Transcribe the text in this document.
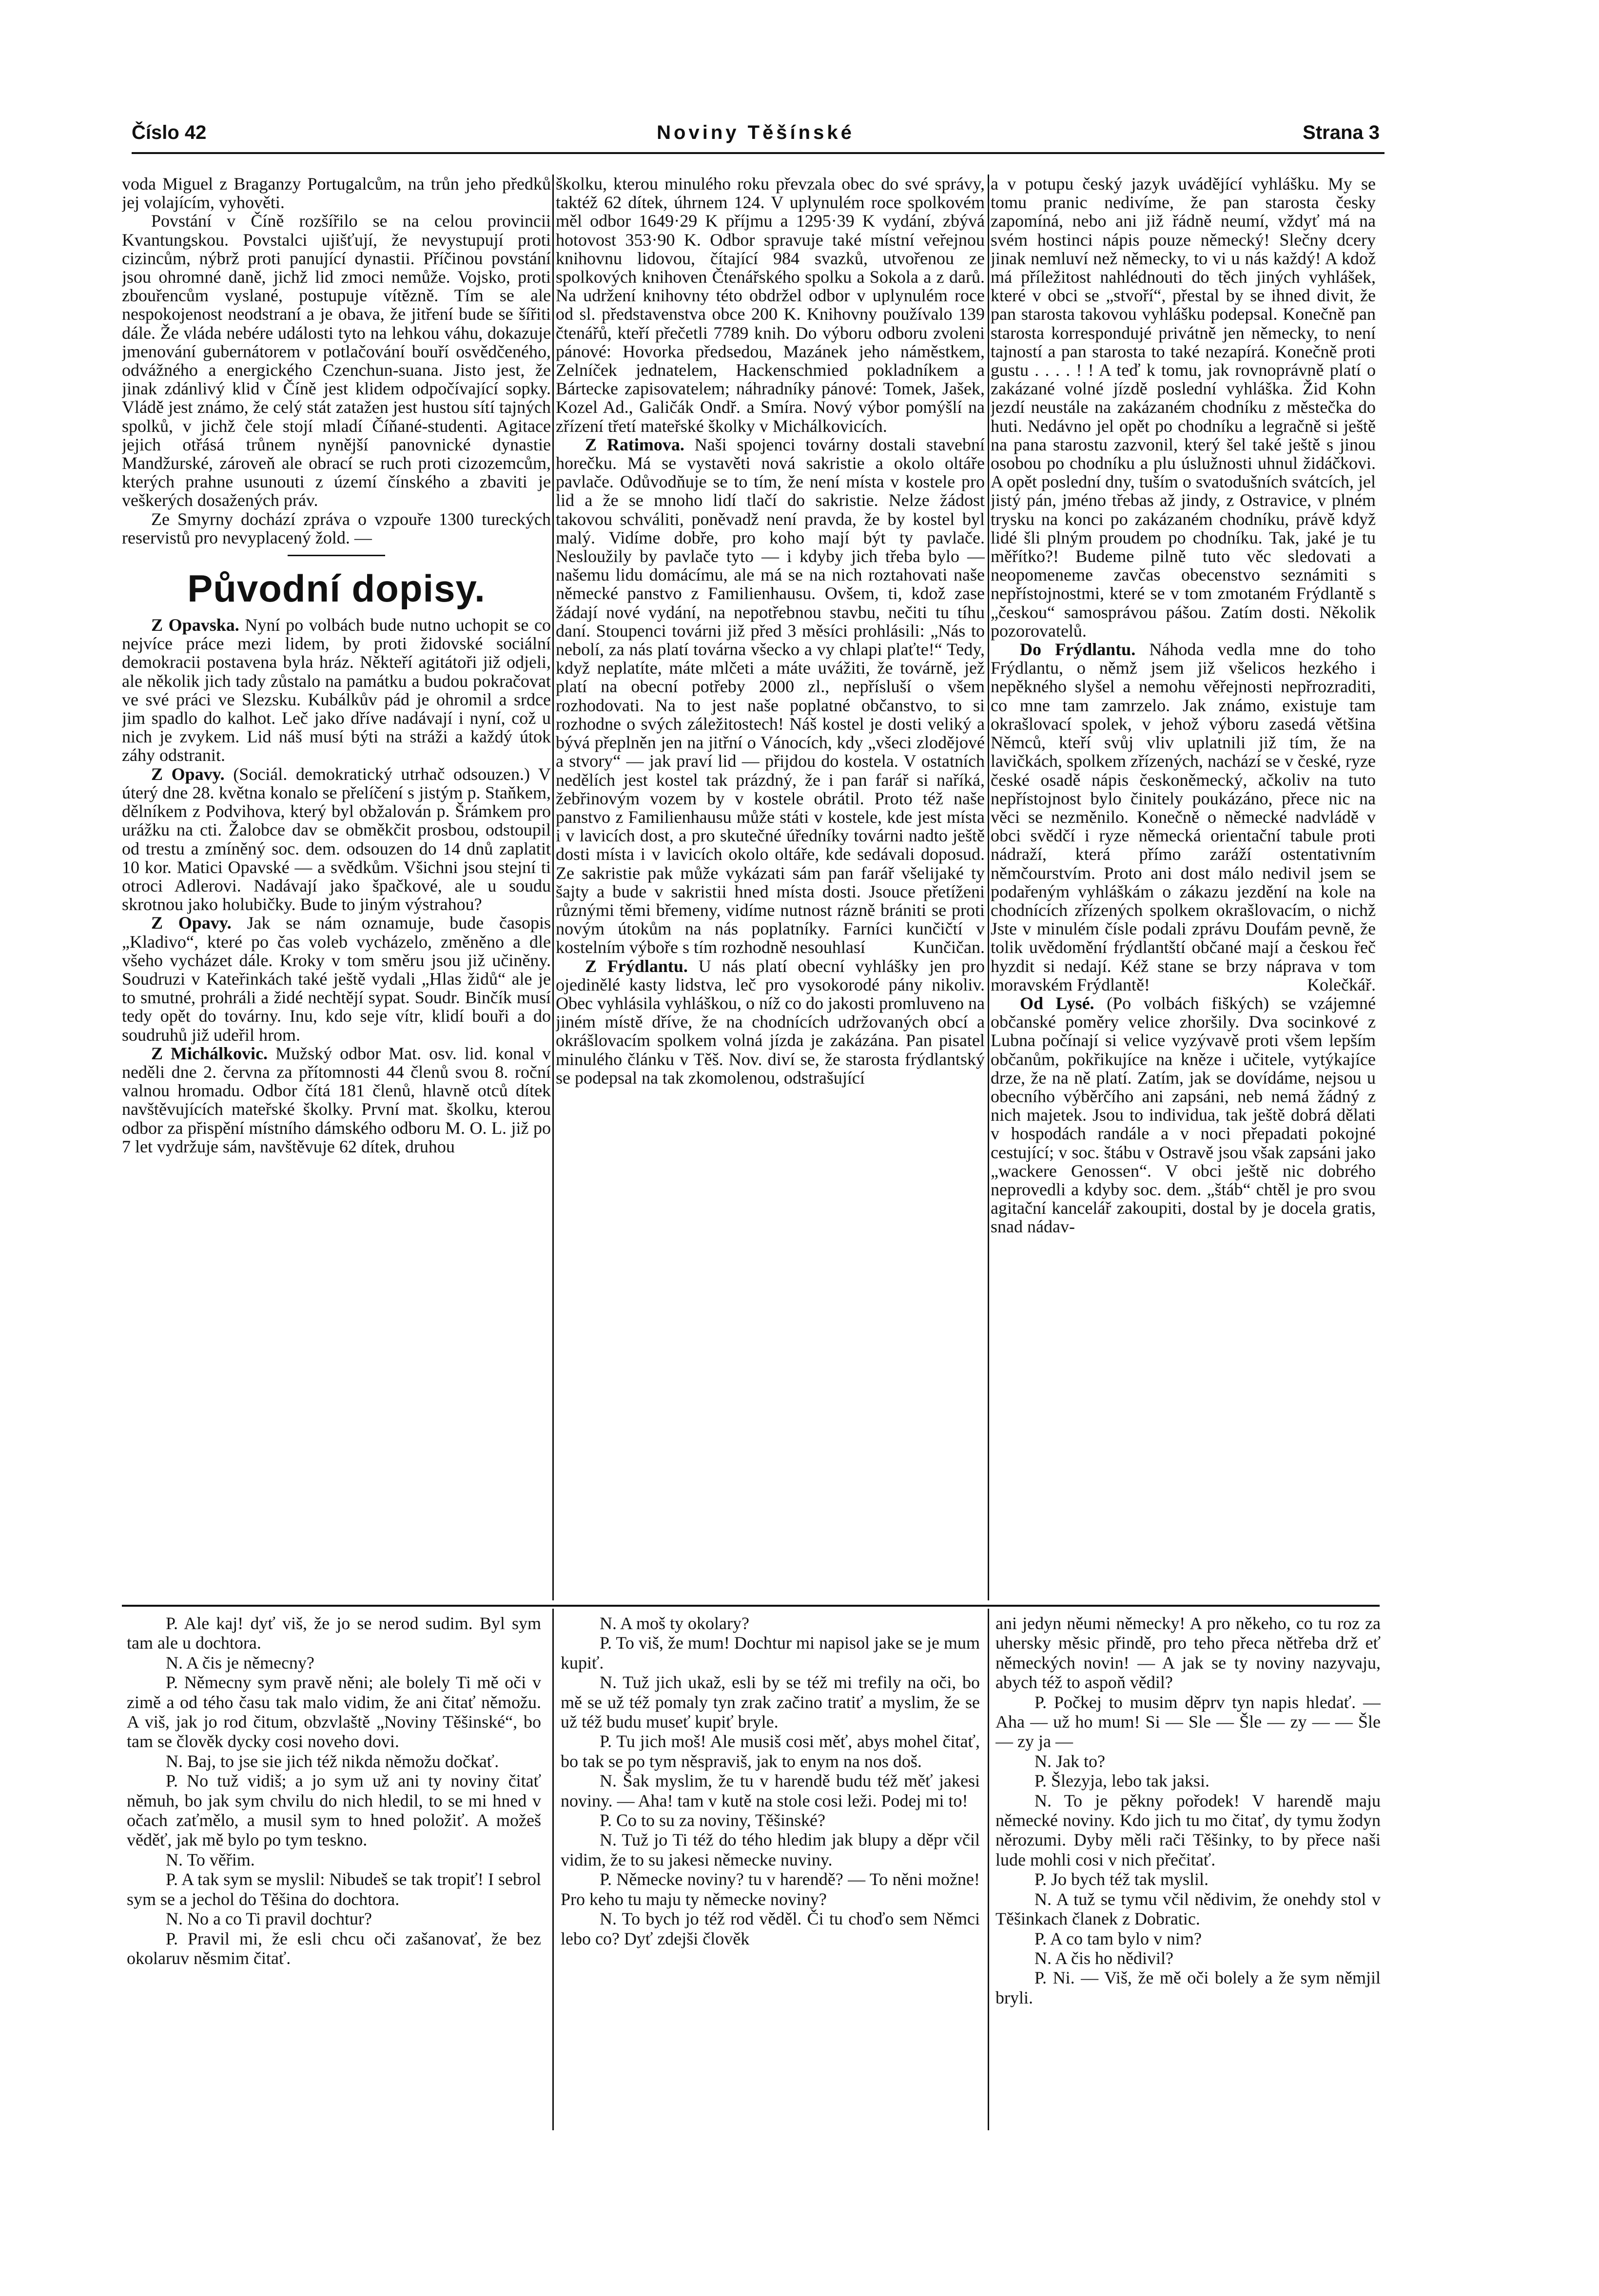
Číslo 42	Noviny Těšínské	Strana 3

voda Miguel z Braganzy Portugalcům, na trůn jeho předků jej volajícím, vyhověti.

Povstání v Číně rozšířilo se na celou provincii Kvantungskou. Povstalci ujišťují, že nevystupují proti cizincům, nýbrž proti panující dynastii. Příčinou povstání jsou ohromné daně, jichž lid zmoci nemůže. Vojsko, proti zbouřencům vyslané, postupuje vítězně. Tím se ale nespokojenost neodstraní a je obava, že jitření bude se šířiti dále. Že vláda nebére události tyto na lehkou váhu, dokazuje jmenování gubernátorem v potlačování bouří osvědčeného, odvážného a energického Czenchun-suana. Jisto jest, že jinak zdánlivý klid v Číně jest klidem odpočívající sopky. Vládě jest známo, že celý stát zatažen jest hustou sítí tajných spolků, v jichž čele stojí mladí Číňané-studenti. Agitace jejich otřásá trůnem nynější panovnické dynastie Mandžurské, zároveň ale obrací se ruch proti cizozemcům, kterých prahne usunouti z území čínského a zbaviti je veškerých dosažených práv.

Ze Smyrny dochází zpráva o vzpouře 1300 tureckých reservistů pro nevyplacený žold. —

Původní dopisy.

Z Opavska. Nyní po volbách bude nutno uchopit se co nejvíce práce mezi lidem, by proti židovské sociální demokracii postavena byla hráz. Někteří agitátoři již odjeli, ale několik jich tady zůstalo na památku a budou pokračovat ve své práci ve Slezsku. Kubálkův pád je ohromil a srdce jim spadlo do kalhot. Leč jako dříve nadávají i nyní, což u nich je zvykem. Lid náš musí býti na stráži a každý útok záhy odstranit.

Z Opavy. (Sociál. demokratický utrhač odsouzen.) V úterý dne 28. května konalo se přelíčení s jistým p. Staňkem, dělníkem z Podvihova, který byl obžalován p. Šrámkem pro urážku na cti. Žalobce dav se obměkčit prosbou, odstoupil od trestu a zmíněný soc. dem. odsouzen do 14 dnů zaplatit 10 kor. Matici Opavské — a svědkům. Všichni jsou stejní ti otroci Adlerovi. Nadávají jako špačkové, ale u soudu skrotnou jako holubičky. Bude to jiným výstrahou?

Z Opavy. Jak se nám oznamuje, bude časopis „Kladivo“, které po čas voleb vycházelo, změněno a dle všeho vycházet dále. Kroky v tom směru jsou již učiněny. Soudruzi v Kateřinkách také ještě vydali „Hlas židů“ ale je to smutné, prohráli a židé nechtějí sypat. Soudr. Binčík musí tedy opět do továrny. Inu, kdo seje vítr, klidí bouři a do soudruhů již udeřil hrom.

Z Michálkovic. Mužský odbor Mat. osv. lid. konal v neděli dne 2. června za přítomnosti 44 členů svou 8. roční valnou hromadu. Odbor čítá 181 členů, hlavně otců dítek navštěvujících mateřské školky. První mat. školku, kterou odbor za přispění místního dámského odboru M. O. L. již po 7 let vydržuje sám, navštěvuje 62 dítek, druhou

školku, kterou minulého roku převzala obec do své správy, taktéž 62 dítek, úhrnem 124. V uplynulém roce spolkovém měl odbor 1649·29 K příjmu a 1295·39 K vydání, zbývá hotovost 353·90 K. Odbor spravuje také místní veřejnou knihovnu lidovou, čítající 984 svazků, utvořenou ze spolkových knihoven Čtenářského spolku a Sokola a z darů. Na udržení knihovny této obdržel odbor v uplynulém roce od sl. představenstva obce 200 K. Knihovny používalo 139 čtenářů, kteří přečetli 7789 knih. Do výboru odboru zvoleni pánové: Hovorka předsedou, Mazánek jeho náměstkem, Zelníček jednatelem, Hackenschmied pokladníkem a Bártecke zapisovatelem; náhradníky pánové: Tomek, Jašek, Kozel Ad., Galičák Ondř. a Smíra. Nový výbor pomýšlí na zřízení třetí mateřské školky v Michálkovicích.

Z Ratimova. Naši spojenci továrny dostali stavební horečku. Má se vystavěti nová sakristie a okolo oltáře pavlače. Odůvodňuje se to tím, že není místa v kostele pro lid a že se mnoho lidí tlačí do sakristie. Nelze žádost takovou schváliti, poněvadž není pravda, že by kostel byl malý. Vidíme dobře, pro koho mají být ty pavlače. Nesloužily by pavlače tyto — i kdyby jich třeba bylo — našemu lidu domácímu, ale má se na nich roztahovati naše německé panstvo z Familienhausu. Ovšem, ti, kdož zase žádají nové vydání, na nepotřebnou stavbu, nečiti tu tíhu daní. Stoupenci továrni již před 3 měsíci prohlásili: „Nás to nebolí, za nás platí továrna všecko a vy chlapi plaťte!“ Tedy, když neplatíte, máte mlčeti a máte uvážiti, že továrně, jež platí na obecní potřeby 2000 zl., nepřísluší o všem rozhodovati. Na to jest naše poplatné občanstvo, to si rozhodne o svých záležitostech! Náš kostel je dosti veliký a bývá přeplněn jen na jitřní o Vánocích, kdy „všeci zlodějové a stvory“ — jak praví lid — přijdou do kostela. V ostatních nedělích jest kostel tak prázdný, že i pan farář si naříká, žebřinovým vozem by v kostele obrátil. Proto též naše panstvo z Familienhausu může státi v kostele, kde jest místa i v lavicích dost, a pro skutečné úředníky továrni nadto ještě dosti místa i v lavicích okolo oltáře, kde sedávali doposud. Ze sakristie pak může vykázati sám pan farář všelijaké ty šajty a bude v sakristii hned místa dosti. Jsouce přetíženi různými těmi břemeny, vidíme nutnost rázně brániti se proti novým útokům na nás poplatníky. Farníci kunčičtí v kostelním výboře s tím rozhodně nesouhlasí	Kunčičan.

Z Frýdlantu. U nás platí obecní vyhlášky jen pro ojedinělé kasty lidstva, leč pro vysokorodé pány nikoliv. Obec vyhlásila vyhláškou, o níž co do jakosti promluveno na jiném místě dříve, že na chodnících udržovaných obcí a okrášlovacím spolkem volná jízda je zakázána. Pan pisatel minulého článku v Těš. Nov. diví se, že starosta frýdlantský se podepsal na tak zkomolenou, odstrašující

a v potupu český jazyk uvádějící vyhlášku. My se tomu pranic nedivíme, že pan starosta česky zapomíná, nebo ani již řádně neumí, vždyť má na svém hostinci nápis pouze německý! Slečny dcery jinak nemluví než německy, to vi u nás každý! A kdož má příležitost nahlédnouti do těch jiných vyhlášek, které v obci se „stvoří“, přestal by se ihned divit, že pan starosta takovou vyhlášku podepsal. Konečně pan starosta korrespondujé privátně jen německy, to není tajností a pan starosta to také nezapírá. Konečně proti gustu . . . . ! ! A teď k tomu, jak rovnoprávně platí o zakázané volné jízdě poslední vyhláška. Žid Kohn jezdí neustále na zakázaném chodníku z městečka do huti. Nedávno jel opět po chodníku a legračně si ještě na pana starostu zazvonil, který šel také ještě s jinou osobou po chodníku a plu úslužnosti uhnul židáčkovi. A opět poslední dny, tuším o svatodušních svátcích, jel jistý pán, jméno třebas až jindy, z Ostravice, v plném trysku na konci po zakázaném chodníku, právě když lidé šli plným proudem po chodníku. Tak, jaké je tu měřítko?! Budeme pilně tuto věc sledovati a neopomeneme zavčas obecenstvo seznámiti s nepřístojnostmi, které se v tom zmotaném Frýdlantě s „českou“ samosprávou pášou. Zatím dosti. Několik pozorovatelů.

Do Frýdlantu. Náhoda vedla mne do toho Frýdlantu, o němž jsem již všelicos hezkého i nepěkného slyšel a nemohu věřejnosti nepřrozraditi, co mne tam zamrzelo. Jak známo, existuje tam okrašlovací spolek, v jehož výboru zasedá většina Němců, kteří svůj vliv uplatnili již tím, že na lavičkách, spolkem zřízených, nachází se v české, ryze české osadě nápis českoněmecký, ačkoliv na tuto nepřístojnost bylo činitely poukázáno, přece nic na věci se nezměnilo. Konečně o německé nadvládě v obci svědčí i ryze německá orientační tabule proti nádraží, která přímo zaráží ostentativním němčourstvím. Proto ani dost málo nedivil jsem se podařeným vyhláškám o zákazu jezdění na kole na chodnících zřízených spolkem okrašlovacím, o nichž Jste v minulém čísle podali zprávu Doufám pevně, že tolik uvědomění frýdlantští občané mají a českou řeč hyzdit si nedají. Kéž stane se brzy náprava v tom moravském Frýdlantě!	Kolečkář.

Od Lysé. (Po volbách fiškých) se vzájemné občanské poměry velice zhoršily. Dva socinkové z Lubna počínají si velice vyzývavě proti všem lepším občanům, pokřikujíce na kněze i učitele, vytýkajíce drze, že na ně platí. Zatím, jak se dovídáme, nejsou u obecního výběrčího ani zapsáni, neb nemá žádný z nich majetek. Jsou to individua, tak ještě dobrá dělati v hospodách randále a v noci přepadati pokojné cestující; v soc. štábu v Ostravě jsou však zapsáni jako „wackere Genossen“. V obci ještě nic dobrého neprovedli a kdyby soc. dem. „štáb“ chtěl je pro svou agitační kancelář zakoupiti, dostal by je docela gratis, snad nádav-

P. Ale kaj! dyť viš, že jo se nerod sudim. Byl sym tam ale u dochtora.

N. A čis je němecny?

P. Němecny sym pravě něni; ale bolely Ti mě oči v zimě a od tého času tak malo vidim, že ani čitať němožu. A viš, jak jo rod čitum, obzvlaště „Noviny Těšinské“, bo tam se člověk dycky cosi noveho dovi.

N. Baj, to jse sie jich též nikda němožu dočkať.

P. No tuž vidiš; a jo sym už ani ty noviny čitať němuh, bo jak sym chvilu do nich hledil, to se mi hned v očach zaťmělo, a musil sym to hned položiť. A možeš věděť, jak mě bylo po tym tesknо.

N. To věřim.

P. A tak sym se myslil: Nibudeš se tak tropiť! I sebrol sym se a jechol do Těšina do dochtora.

N. No a co Ti pravil dochtur?

P. Pravil mi, že esli chcu oči zašanovať, že bez okolaruv něsmim čitať.

N. A moš ty okolary?

P. To viš, že mum! Dochtur mi napisol jake se je mum kupiť.

N. Tuž jich ukaž, esli by se též mi trefily na oči, bo mě se už též pomaly tyn zrak začino tratiť a myslim, že se už též budu museť kupiť bryle.

P. Tu jich moš! Ale musiš cosi měť, abys mohel čitať, bo tak se po tym něspraviš, jak to enym na nos doš.

N. Šak myslim, že tu v harendě budu též měť jakesi noviny. — Aha! tam v kutě na stole cosi leži. Podej mi to!

P. Co to su za noviny, Těšinské?

N. Tuž jo Ti též do tého hledim jak blupy a děpr včil vidim, že to su jakesi německe nuviny.

P. Německe noviny? tu v harendě? — To něni možne! Pro keho tu maju ty německe noviny?

N. To bych jo též rod věděl. Či tu choďo sem Němci lebo co? Dyť zdejši člověk

ani jedyn něumi německy! A pro někeho, co tu roz za uhersky měsic přindě, pro teho přeca nětřeba drž eť německých novin! — A jak se ty noviny nazyvaju, abych též to aspoň vědil?

P. Počkej to musim děprv tyn napis hledať. — Aha — už ho mum! Si — Sle — Šle — zy — — Šle — zy ja —

N. Jak to?

P. Šlezyja, lebo tak jaksi.

N. To je pěkny pořodek! V harendě maju německé noviny. Kdo jich tu mo čitať, dy tymu žodyn něrozumi. Dyby měli rači Těšinky, to by přece naši lude mohli cosi v nich přečitať.

P. Jo bych též tak myslil.

N. A tuž se tymu včil nědivim, že onehdy stol v Těšinkach članek z Dobratic.

P. A co tam bylo v nim?

N. A čis ho nědivil?

P. Ni. — Viš, že mě oči bolely a že sym němjil bryli.
